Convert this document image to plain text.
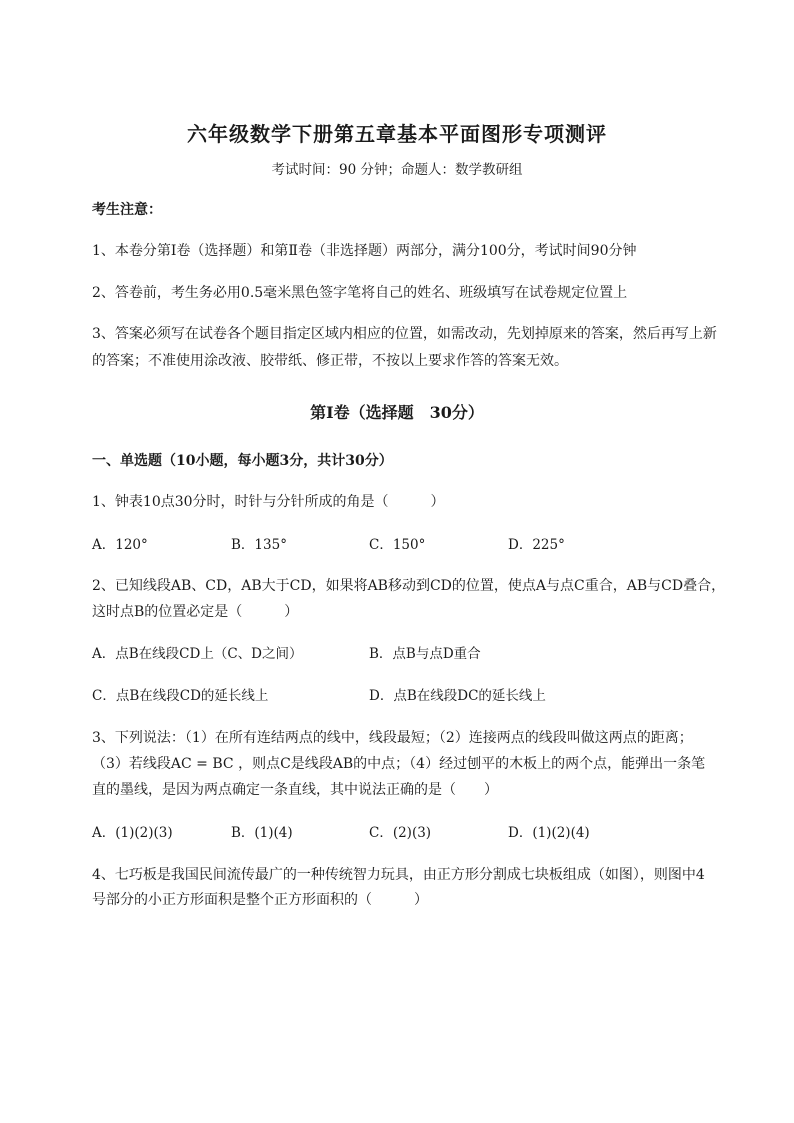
六年级数学下册第五章基本平面图形专项测评
考试时间：90 分钟；命题人：数学教研组
考生注意：
1、本卷分第Ⅰ卷（选择题）和第Ⅱ卷（非选择题）两部分，满分100分，考试时间90分钟
2、答卷前，考生务必用0.5毫米黑色签字笔将自己的姓名、班级填写在试卷规定位置上
3、答案必须写在试卷各个题目指定区域内相应的位置，如需改动，先划掉原来的答案，然后再写上新
的答案；不准使用涂改液、胶带纸、修正带，不按以上要求作答的答案无效。
第Ⅰ卷（选择题　30分）
一、单选题（10小题，每小题3分，共计30分）
1、钟表10点30分时，时针与分针所成的角是（　　　）
A．120°	B．135°	C．150°	D．225°
2、已知线段AB、CD，AB大于CD，如果将AB移动到CD的位置，使点A与点C重合，AB与CD叠合，
这时点B的位置必定是（　　　）
A．点B在线段CD上（C、D之间）	B．点B与点D重合
C．点B在线段CD的延长线上	D．点B在线段DC的延长线上
3、下列说法：（1）在所有连结两点的线中，线段最短；（2）连接两点的线段叫做这两点的距离；
（3）若线段AC = BC ，则点C是线段AB的中点；（4）经过刨平的木板上的两个点，能弹出一条笔
直的墨线，是因为两点确定一条直线，其中说法正确的是（　　）
A．(1)(2)(3)	B．(1)(4)	C．(2)(3)	D．(1)(2)(4)
4、七巧板是我国民间流传最广的一种传统智力玩具，由正方形分割成七块板组成（如图），则图中4
号部分的小正方形面积是整个正方形面积的（　　　）
